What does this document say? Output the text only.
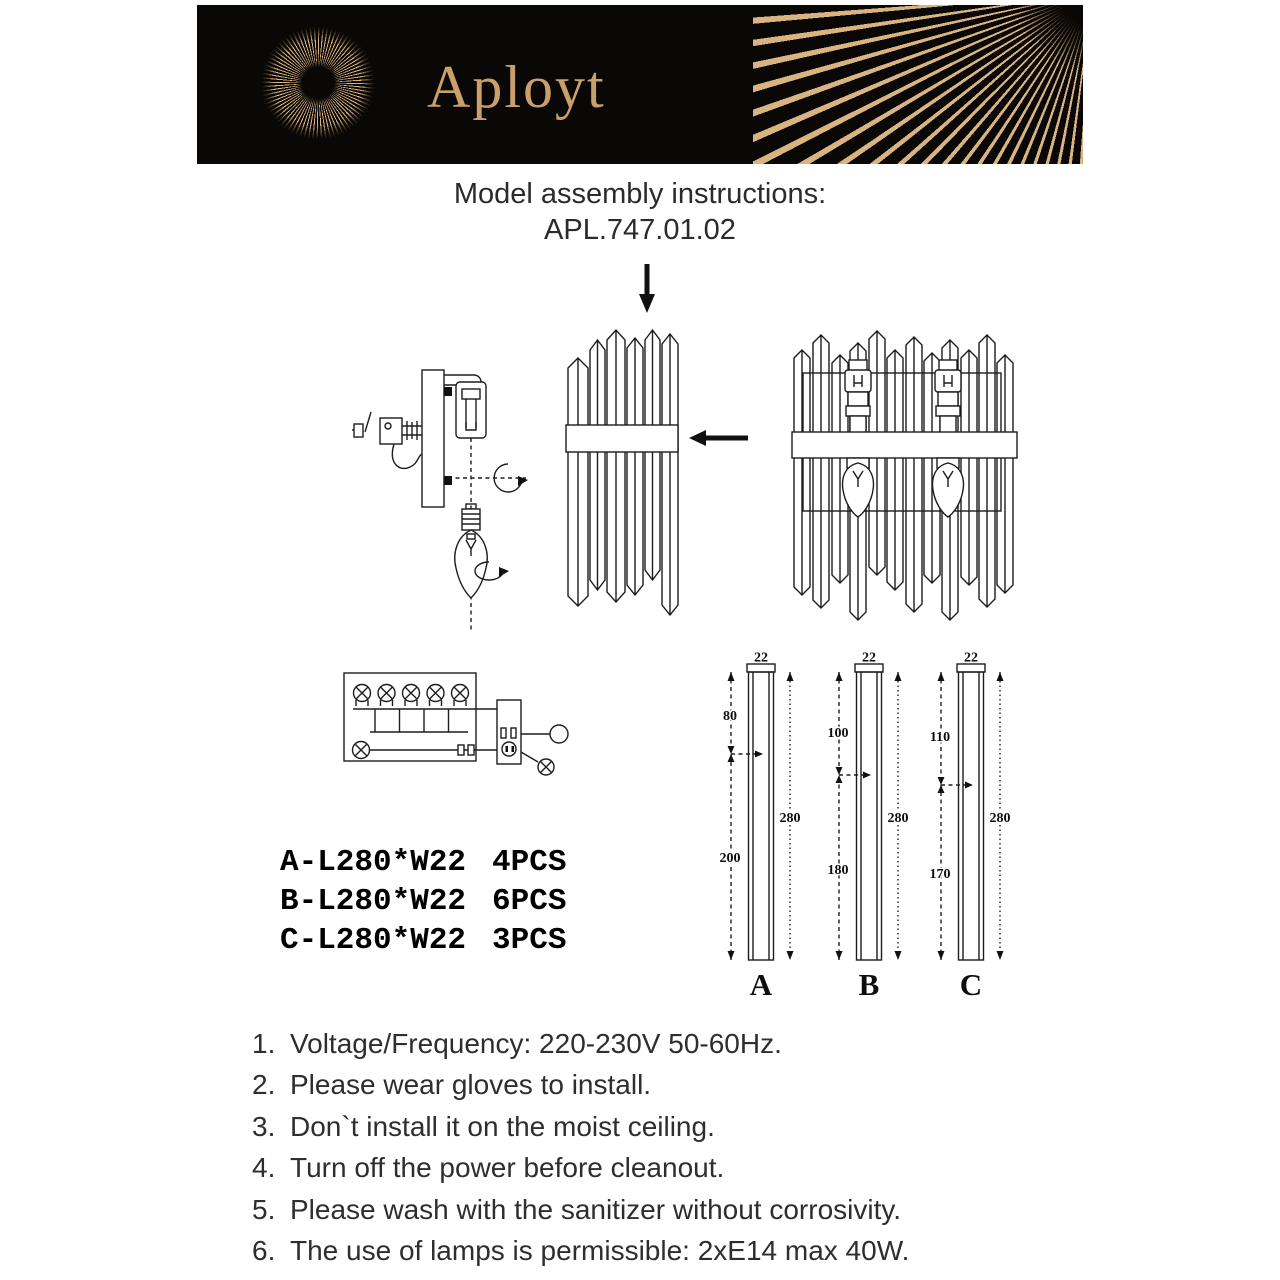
Aployt
Model assembly instructions:
APL.747.01.02
A-L280*W22 4PCS
B-L280*W22 6PCS
C-L280*W22 3PCS
22
80
200
280
A
22
100
180
280
B
22
110
170
280
C
1. Voltage/Frequency: 220-230V 50-60Hz.
2. Please wear gloves to install.
3. Don`t install it on the moist ceiling.
4. Turn off the power before cleanout.
5. Please wash with the sanitizer without corrosivity.
6. The use of lamps is permissible: 2xE14 max 40W.
